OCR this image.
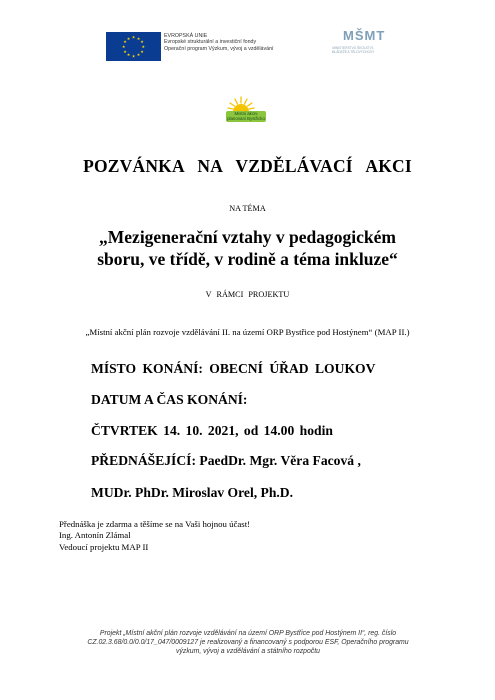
★ ★
★
★
★
★
★
★
★
★
★
★	EVROPSKÁ UNIE
Evropské strukturální a investiční fondy
Operační program Výzkum, vývoj a vzdělávání
MŠMT
MINISTERSTVO ŠKOLSTVÍ, MLÁDEŽE A TĚLOVÝCHOVY
Mistni akcni planovani Bystřicko
POZVÁNKA NA VZDĚLÁVACÍ AKCI
NA TÉMA
„Mezigenerační vztahy v pedagogickém
sboru, ve třídě, v rodině a téma inkluze“
V RÁMCI PROJEKTU
„Místní akční plán rozvoje vzdělávání II. na území ORP Bystřice pod Hostýnem“ (MAP II.)
MÍSTO KONÁNÍ: OBECNÍ ÚŘAD LOUKOV
DATUM A ČAS KONÁNÍ:
ČTVRTEK 14. 10. 2021, od 14.00 hodin
PŘEDNÁŠEJÍCÍ: PaedDr. Mgr. Věra Facová ,
MUDr. PhDr. Miroslav Orel, Ph.D.
Přednáška je zdarma a těšíme se na Vaši hojnou účast!
Ing. Antonín Zlámal
Vedoucí projektu MAP II
Projekt „Místní akční plán rozvoje vzdělávání na území ORP Bystřice pod Hostýnem II“, reg. číslo
CZ.02.3.68/0.0/0.0/17_047/0009127 je realizovaný a financovaný s podporou ESF, Operačního programu
výzkum, vývoj a vzdělávání a státního rozpočtu
